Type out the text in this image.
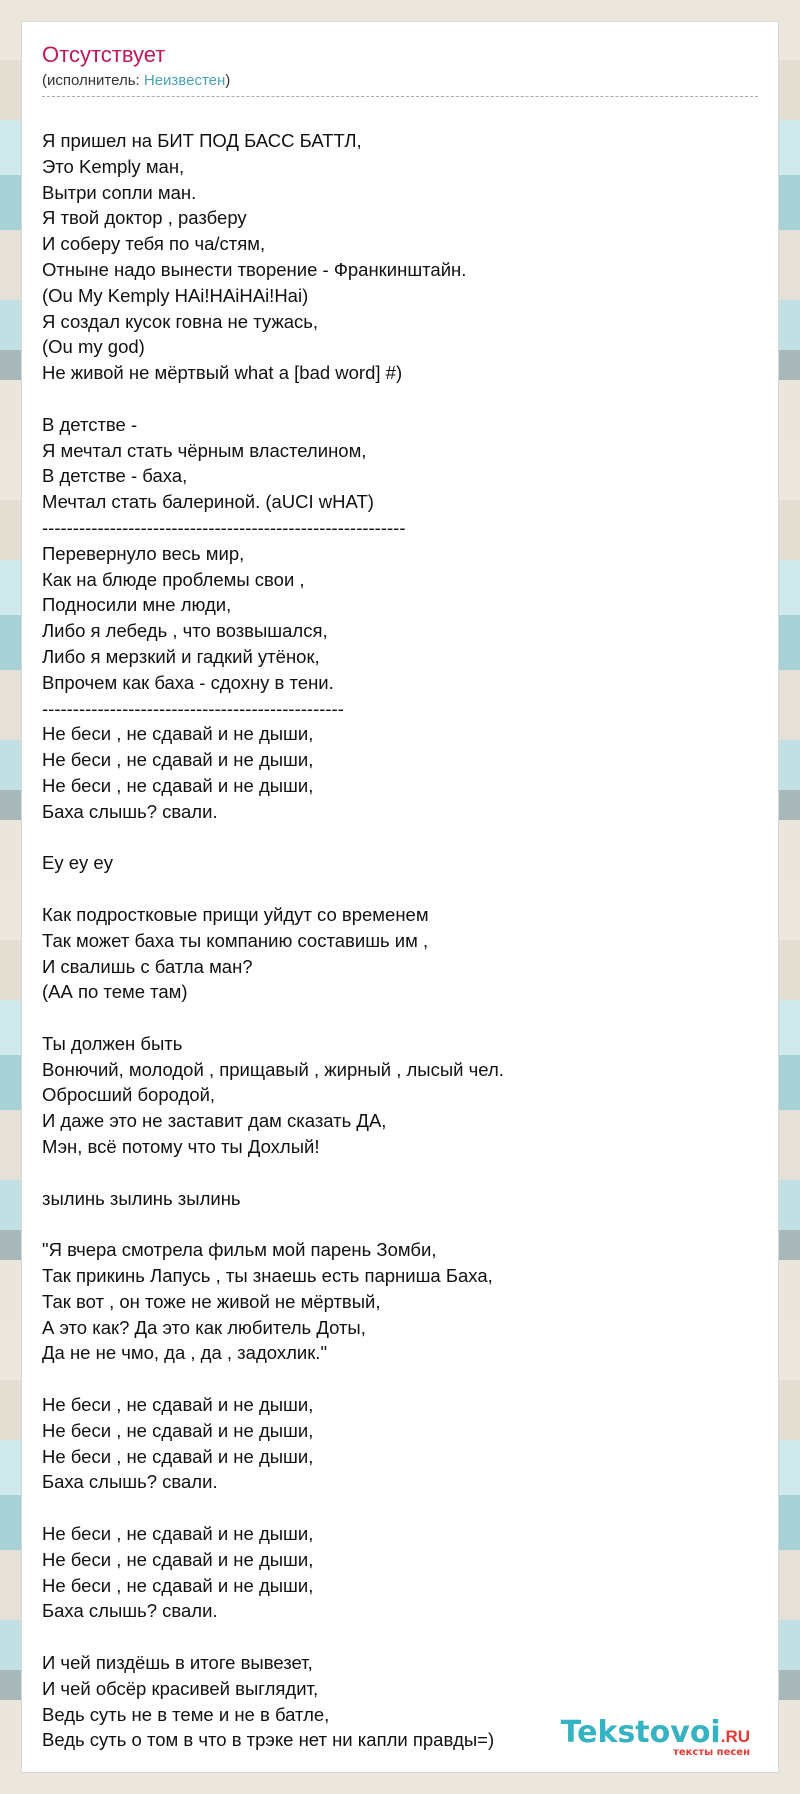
Отсутствует
(исполнитель: Неизвестен)
Я пришел на БИТ ПОД БАСС БАТТЛ,
Это Kemply ман,
Вытри сопли ман.
Я твой доктор , разберу
И соберу тебя по ча/стям,
Отныне надо вынести творение - Франкинштайн.
(Ou My Kemply HAi!HAiHAi!Hai)
Я создал кусок говна не тужась,
(Ou my god)
Не живой не мёртвый what a [bad word] #)
В детстве -
Я мечтал стать чёрным властелином,
В детстве - баха,
Мечтал стать балериной. (aUCI wHAT)
-----------------------------------------------------------
Перевернуло весь мир,
Как на блюде проблемы свои ,
Подносили мне люди,
Либо я лебедь , что возвышался,
Либо я мерзкий и гадкий утёнок,
Впрочем как баха - сдохну в тени.
-------------------------------------------------
Не беси , не сдавай и не дыши,
Не беси , не сдавай и не дыши,
Не беси , не сдавай и не дыши,
Баха слышь? свали.
Ey ey ey
Как подростковые прищи уйдут со временем
Так может баха ты компанию составишь им ,
И свалишь с батла ман?
(АА по теме там)
Ты должен быть
Вонючий, молодой , прищавый , жирный , лысый чел.
Обросший бородой,
И даже это не заставит дам сказать ДА,
Мэн, всё потому что ты Дохлый!
зылинь зылинь зылинь
"Я вчера смотрела фильм мой парень Зомби,
Так прикинь Лапусь , ты знаешь есть парниша Баха,
Так вот , он тоже не живой не мёртвый,
А это как? Да это как любитель Доты,
Да не не чмо, да , да , задохлик."
Не беси , не сдавай и не дыши,
Не беси , не сдавай и не дыши,
Не беси , не сдавай и не дыши,
Баха слышь? свали.
Не беси , не сдавай и не дыши,
Не беси , не сдавай и не дыши,
Не беси , не сдавай и не дыши,
Баха слышь? свали.
И чей пиздёшь в итоге вывезет,
И чей обсёр красивей выглядит,
Ведь суть не в теме и не в батле,
Ведь суть о том в что в трэке нет ни капли правды=)	Tekstovoi.RU
тексты песен
